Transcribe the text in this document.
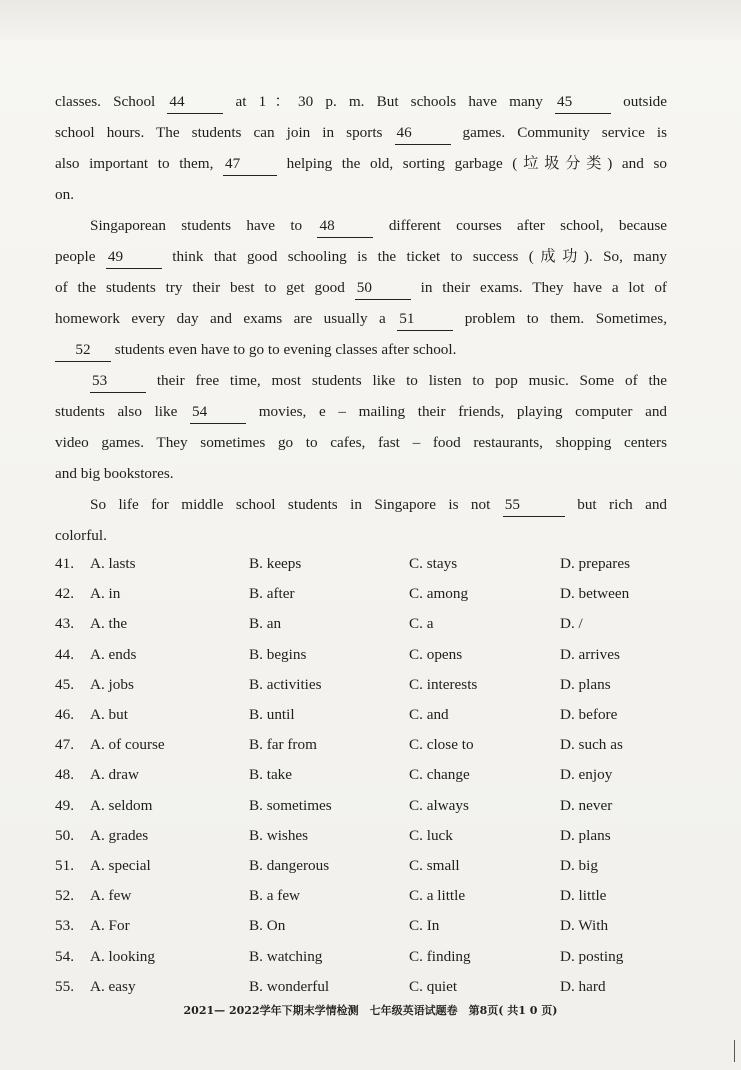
classes. School 44	at 1：30 p. m. But schools have many 45	outside
school hours. The students can join in sports 46	games. Community service is
also important to them, 47	helping the old, sorting garbage (垃圾分类) and so
on.
Singaporean students have to 48	different courses after school, because
people 49	think that good schooling is the ticket to success (成功). So, many
of the students try their best to get good 50	in their exams. They have a lot of
homework every day and exams are usually a 51	problem to them. Sometimes,
52 students even have to go to evening classes after school.
53	their free time, most students like to listen to pop music. Some of the
students also like 54	movies, e – mailing their friends, playing computer and
video games. They sometimes go to cafes, fast – food restaurants, shopping centers
and big bookstores.
So life for middle school students in Singapore is not 55	but rich and
colorful.
41. A. lasts	B. keeps	C. stays	D. prepares
42. A. in	B. after	C. among	D. between
43. A. the	B. an	C. a	D. /
44. A. ends	B. begins	C. opens	D. arrives
45. A. jobs	B. activities	C. interests	D. plans
46. A. but	B. until	C. and	D. before
47. A. of course	B. far from	C. close to	D. such as
48. A. draw	B. take	C. change	D. enjoy
49. A. seldom	B. sometimes	C. always	D. never
50. A. grades	B. wishes	C. luck	D. plans
51. A. special	B. dangerous	C. small	D. big
52. A. few	B. a few	C. a little	D. little
53. A. For	B. On	C. In	D. With
54. A. looking	B. watching	C. finding	D. posting
55. A. easy	B. wonderful	C. quiet	D. hard
2021— 2022学年下期末学情检测　七年级英语试题卷　第8页( 共1 0 页)
